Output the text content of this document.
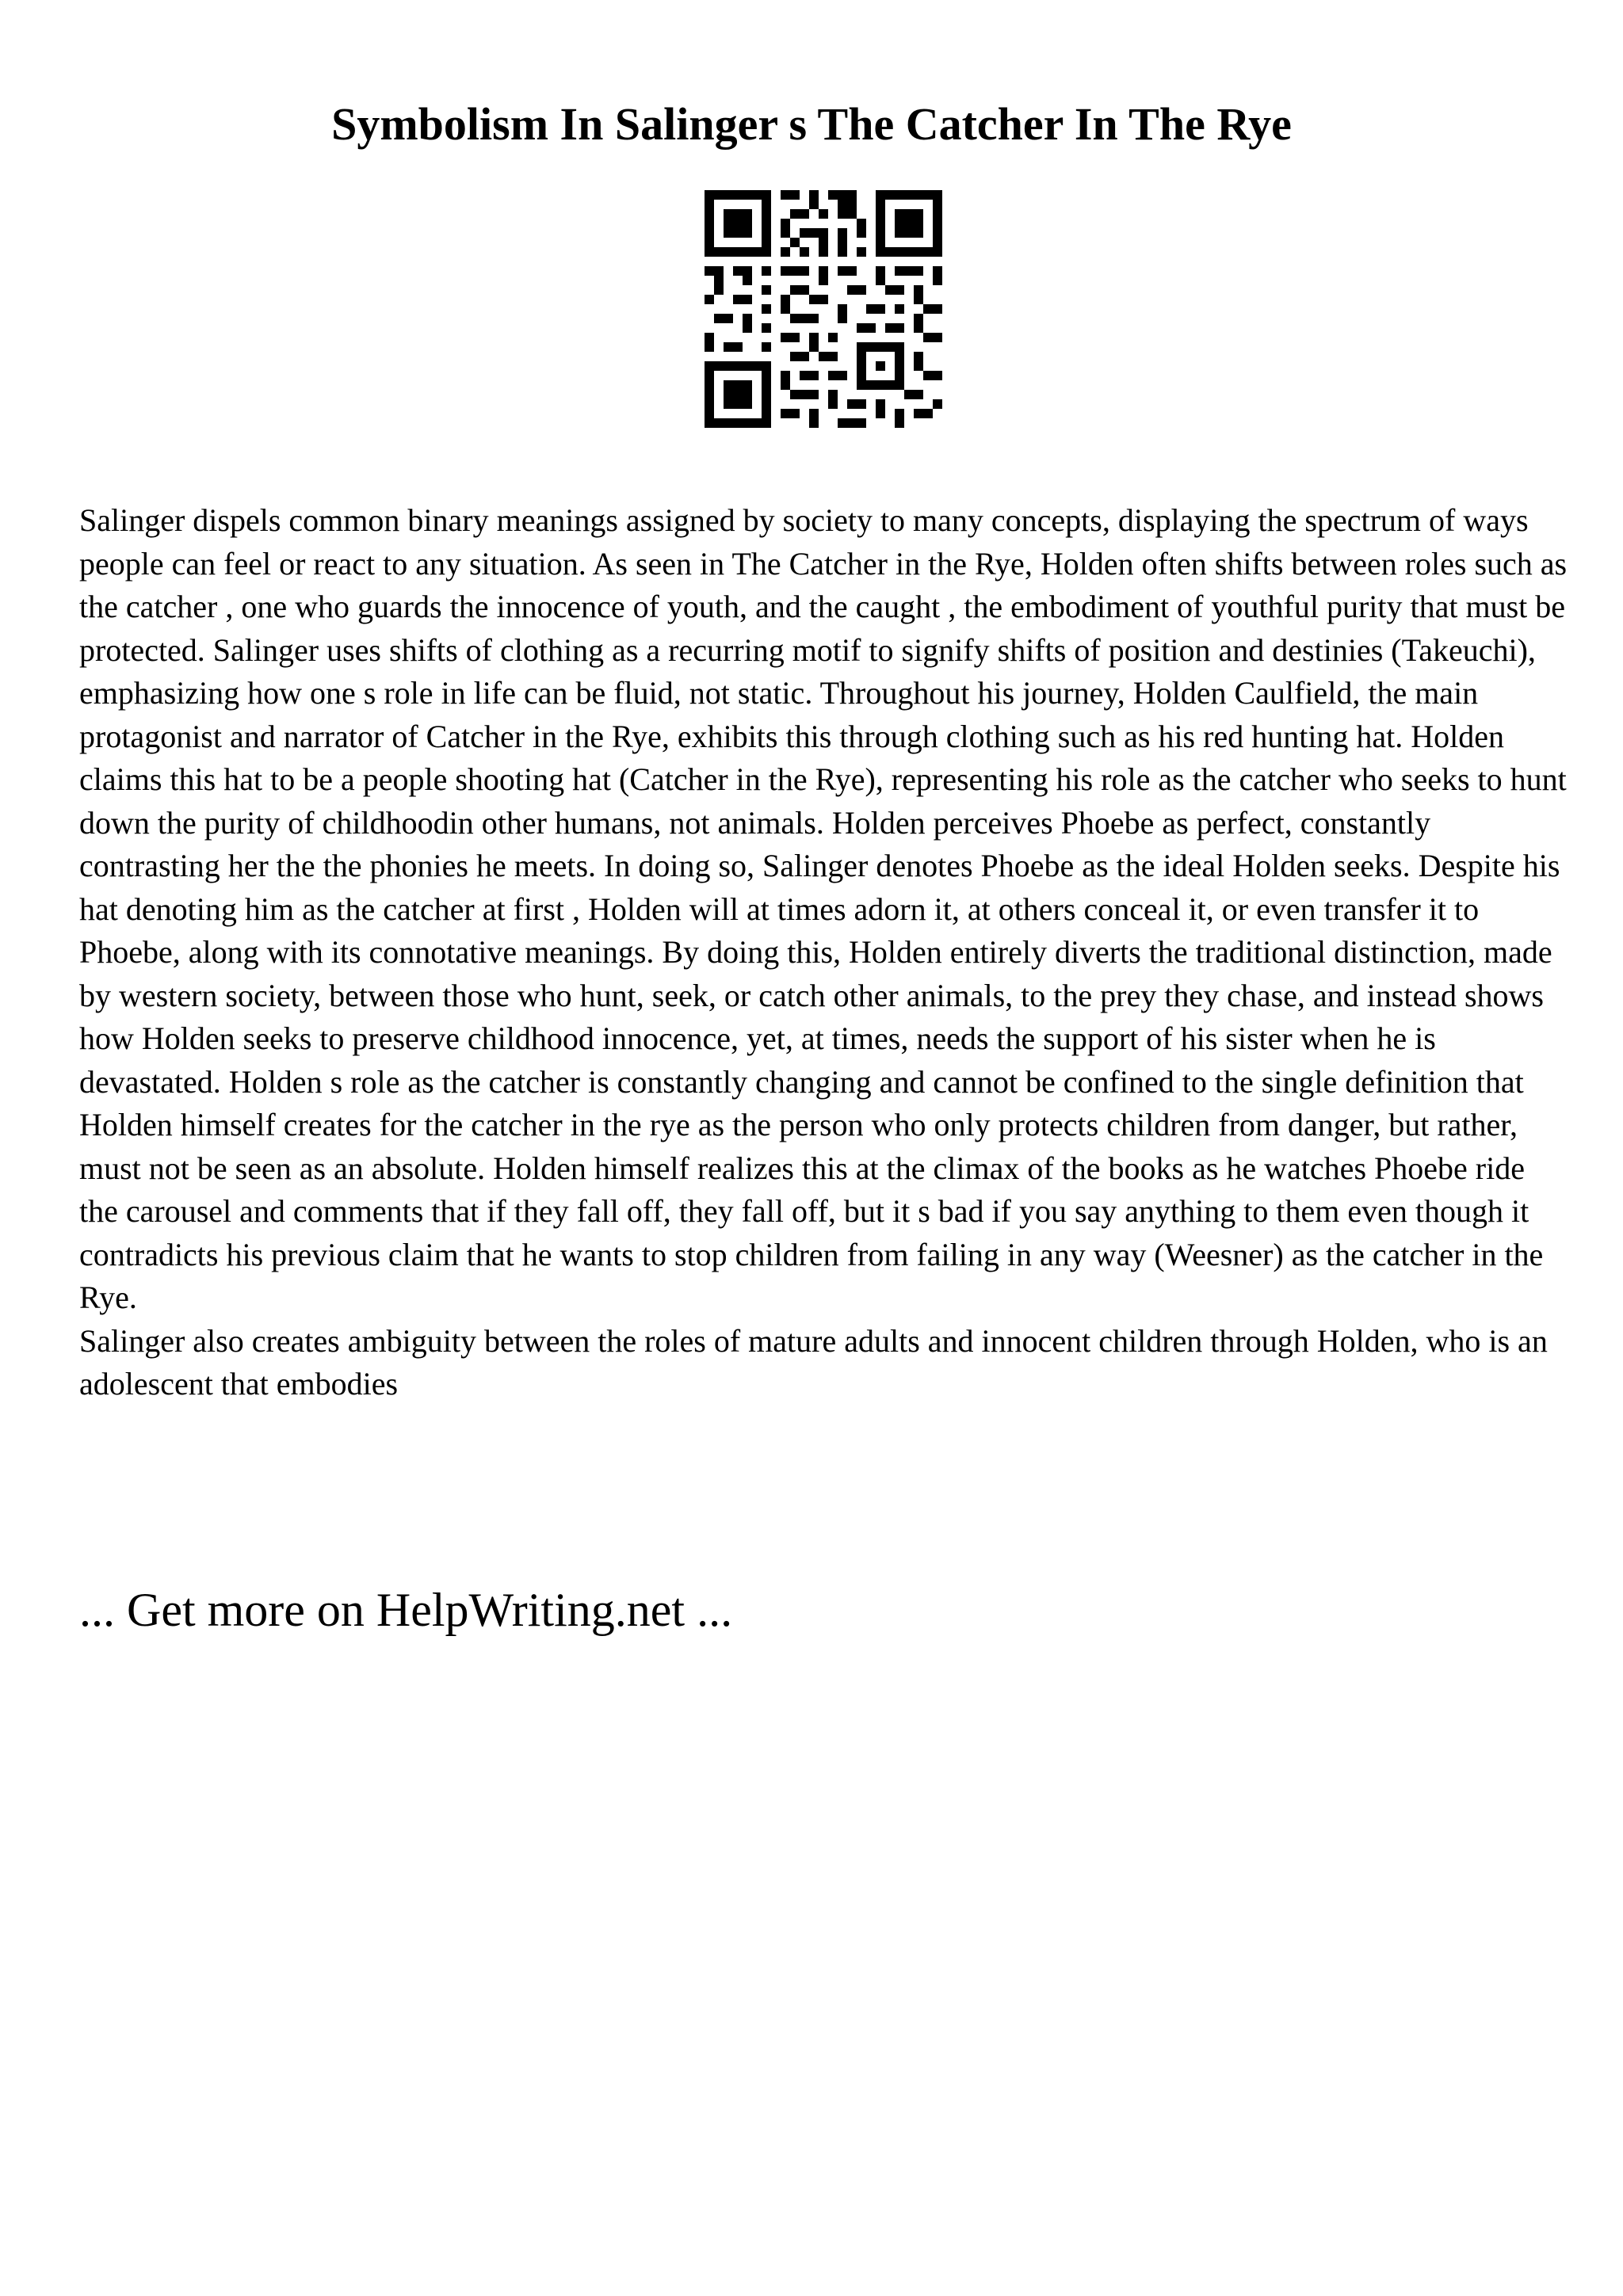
Symbolism In Salinger s The Catcher In The Rye

Salinger dispels common binary meanings assigned by society to many concepts, displaying the spectrum of ways people can feel or react to any situation. As seen in The Catcher in the Rye, Holden often shifts between roles such as the catcher , one who guards the innocence of youth, and the caught , the embodiment of youthful purity that must be protected. Salinger uses shifts of clothing as a recurring motif to signify shifts of position and destinies (Takeuchi), emphasizing how one s role in life can be fluid, not static. Throughout his journey, Holden Caulfield, the main protagonist and narrator of Catcher in the Rye, exhibits this through clothing such as his red hunting hat. Holden claims this hat to be a people shooting hat (Catcher in the Rye), representing his role as the catcher who seeks to hunt down the purity of childhoodin other humans, not animals. Holden perceives Phoebe as perfect, constantly contrasting her the the phonies he meets. In doing so, Salinger denotes Phoebe as the ideal Holden seeks. Despite his hat denoting him as the catcher at first , Holden will at times adorn it, at others conceal it, or even transfer it to Phoebe, along with its connotative meanings. By doing this, Holden entirely diverts the traditional distinction, made by western society, between those who hunt, seek, or catch other animals, to the prey they chase, and instead shows how Holden seeks to preserve childhood innocence, yet, at times, needs the support of his sister when he is devastated. Holden s role as the catcher is constantly changing and cannot be confined to the single definition that Holden himself creates for the catcher in the rye as the person who only protects children from danger, but rather, must not be seen as an absolute. Holden himself realizes this at the climax of the books as he watches Phoebe ride the carousel and comments that if they fall off, they fall off, but it s bad if you say anything to them even though it contradicts his previous claim that he wants to stop children from failing in any way (Weesner) as the catcher in the Rye.

Salinger also creates ambiguity between the roles of mature adults and innocent children through Holden, who is an adolescent that embodies

... Get more on HelpWriting.net ...
